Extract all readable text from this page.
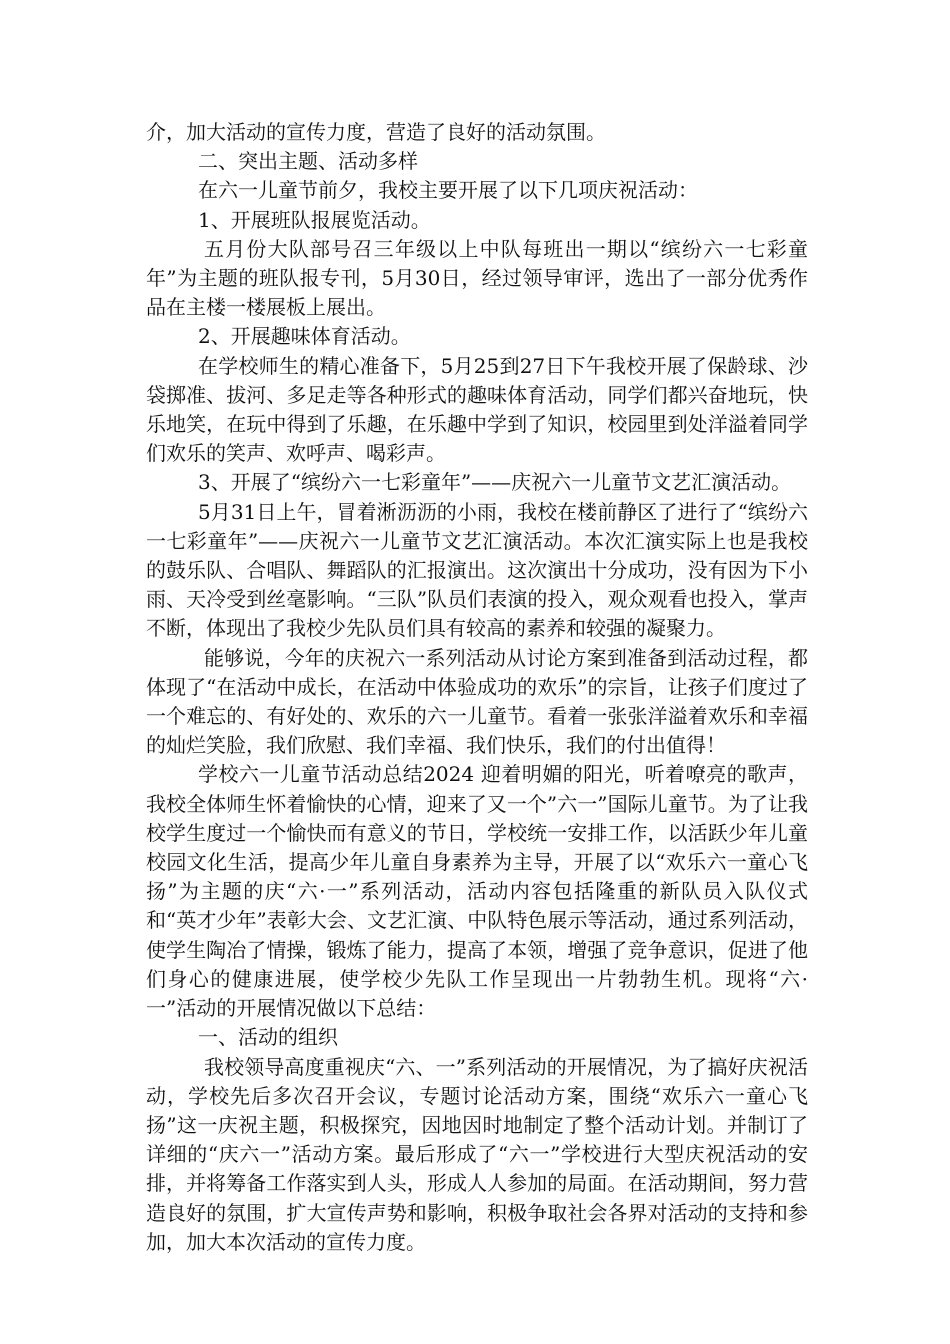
介，加大活动的宣传力度，营造了良好的活动氛围。

二、突出主题、活动多样

在六一儿童节前夕，我校主要开展了以下几项庆祝活动：

1、开展班队报展览活动。

五月份大队部号召三年级以上中队每班出一期以“缤纷六一七彩童年”为主题的班队报专刊，5月30日，经过领导审评，选出了一部分优秀作品在主楼一楼展板上展出。

2、开展趣味体育活动。

在学校师生的精心准备下，5月25到27日下午我校开展了保龄球、沙袋掷准、拔河、多足走等各种形式的趣味体育活动，同学们都兴奋地玩，快乐地笑，在玩中得到了乐趣，在乐趣中学到了知识，校园里到处洋溢着同学们欢乐的笑声、欢呼声、喝彩声。

3、开展了“缤纷六一七彩童年”——庆祝六一儿童节文艺汇演活动。

5月31日上午，冒着淅沥沥的小雨，我校在楼前静区了进行了“缤纷六一七彩童年”——庆祝六一儿童节文艺汇演活动。本次汇演实际上也是我校的鼓乐队、合唱队、舞蹈队的汇报演出。这次演出十分成功，没有因为下小雨、天冷受到丝毫影响。“三队”队员们表演的投入，观众观看也投入，掌声不断，体现出了我校少先队员们具有较高的素养和较强的凝聚力。

能够说，今年的庆祝六一系列活动从讨论方案到准备到活动过程，都体现了“在活动中成长，在活动中体验成功的欢乐”的宗旨，让孩子们度过了一个难忘的、有好处的、欢乐的六一儿童节。看着一张张洋溢着欢乐和幸福的灿烂笑脸，我们欣慰、我们幸福、我们快乐，我们的付出值得！

学校六一儿童节活动总结2024 迎着明媚的阳光，听着嘹亮的歌声，我校全体师生怀着愉快的心情，迎来了又一个”六一”国际儿童节。为了让我校学生度过一个愉快而有意义的节日，学校统一安排工作，以活跃少年儿童校园文化生活，提高少年儿童自身素养为主导，开展了以“欢乐六一童心飞扬”为主题的庆“六·一”系列活动，活动内容包括隆重的新队员入队仪式和“英才少年”表彰大会、文艺汇演、中队特色展示等活动，通过系列活动，使学生陶冶了情操，锻炼了能力，提高了本领，增强了竞争意识，促进了他们身心的健康进展，使学校少先队工作呈现出一片勃勃生机。现将“六·一”活动的开展情况做以下总结：

一、活动的组织

我校领导高度重视庆“六、一”系列活动的开展情况，为了搞好庆祝活动，学校先后多次召开会议，专题讨论活动方案，围绕“欢乐六一童心飞扬”这一庆祝主题，积极探究，因地因时地制定了整个活动计划。并制订了详细的“庆六一”活动方案。最后形成了“六一”学校进行大型庆祝活动的安排，并将筹备工作落实到人头，形成人人参加的局面。在活动期间，努力营造良好的氛围，扩大宣传声势和影响，积极争取社会各界对活动的支持和参加，加大本次活动的宣传力度。
